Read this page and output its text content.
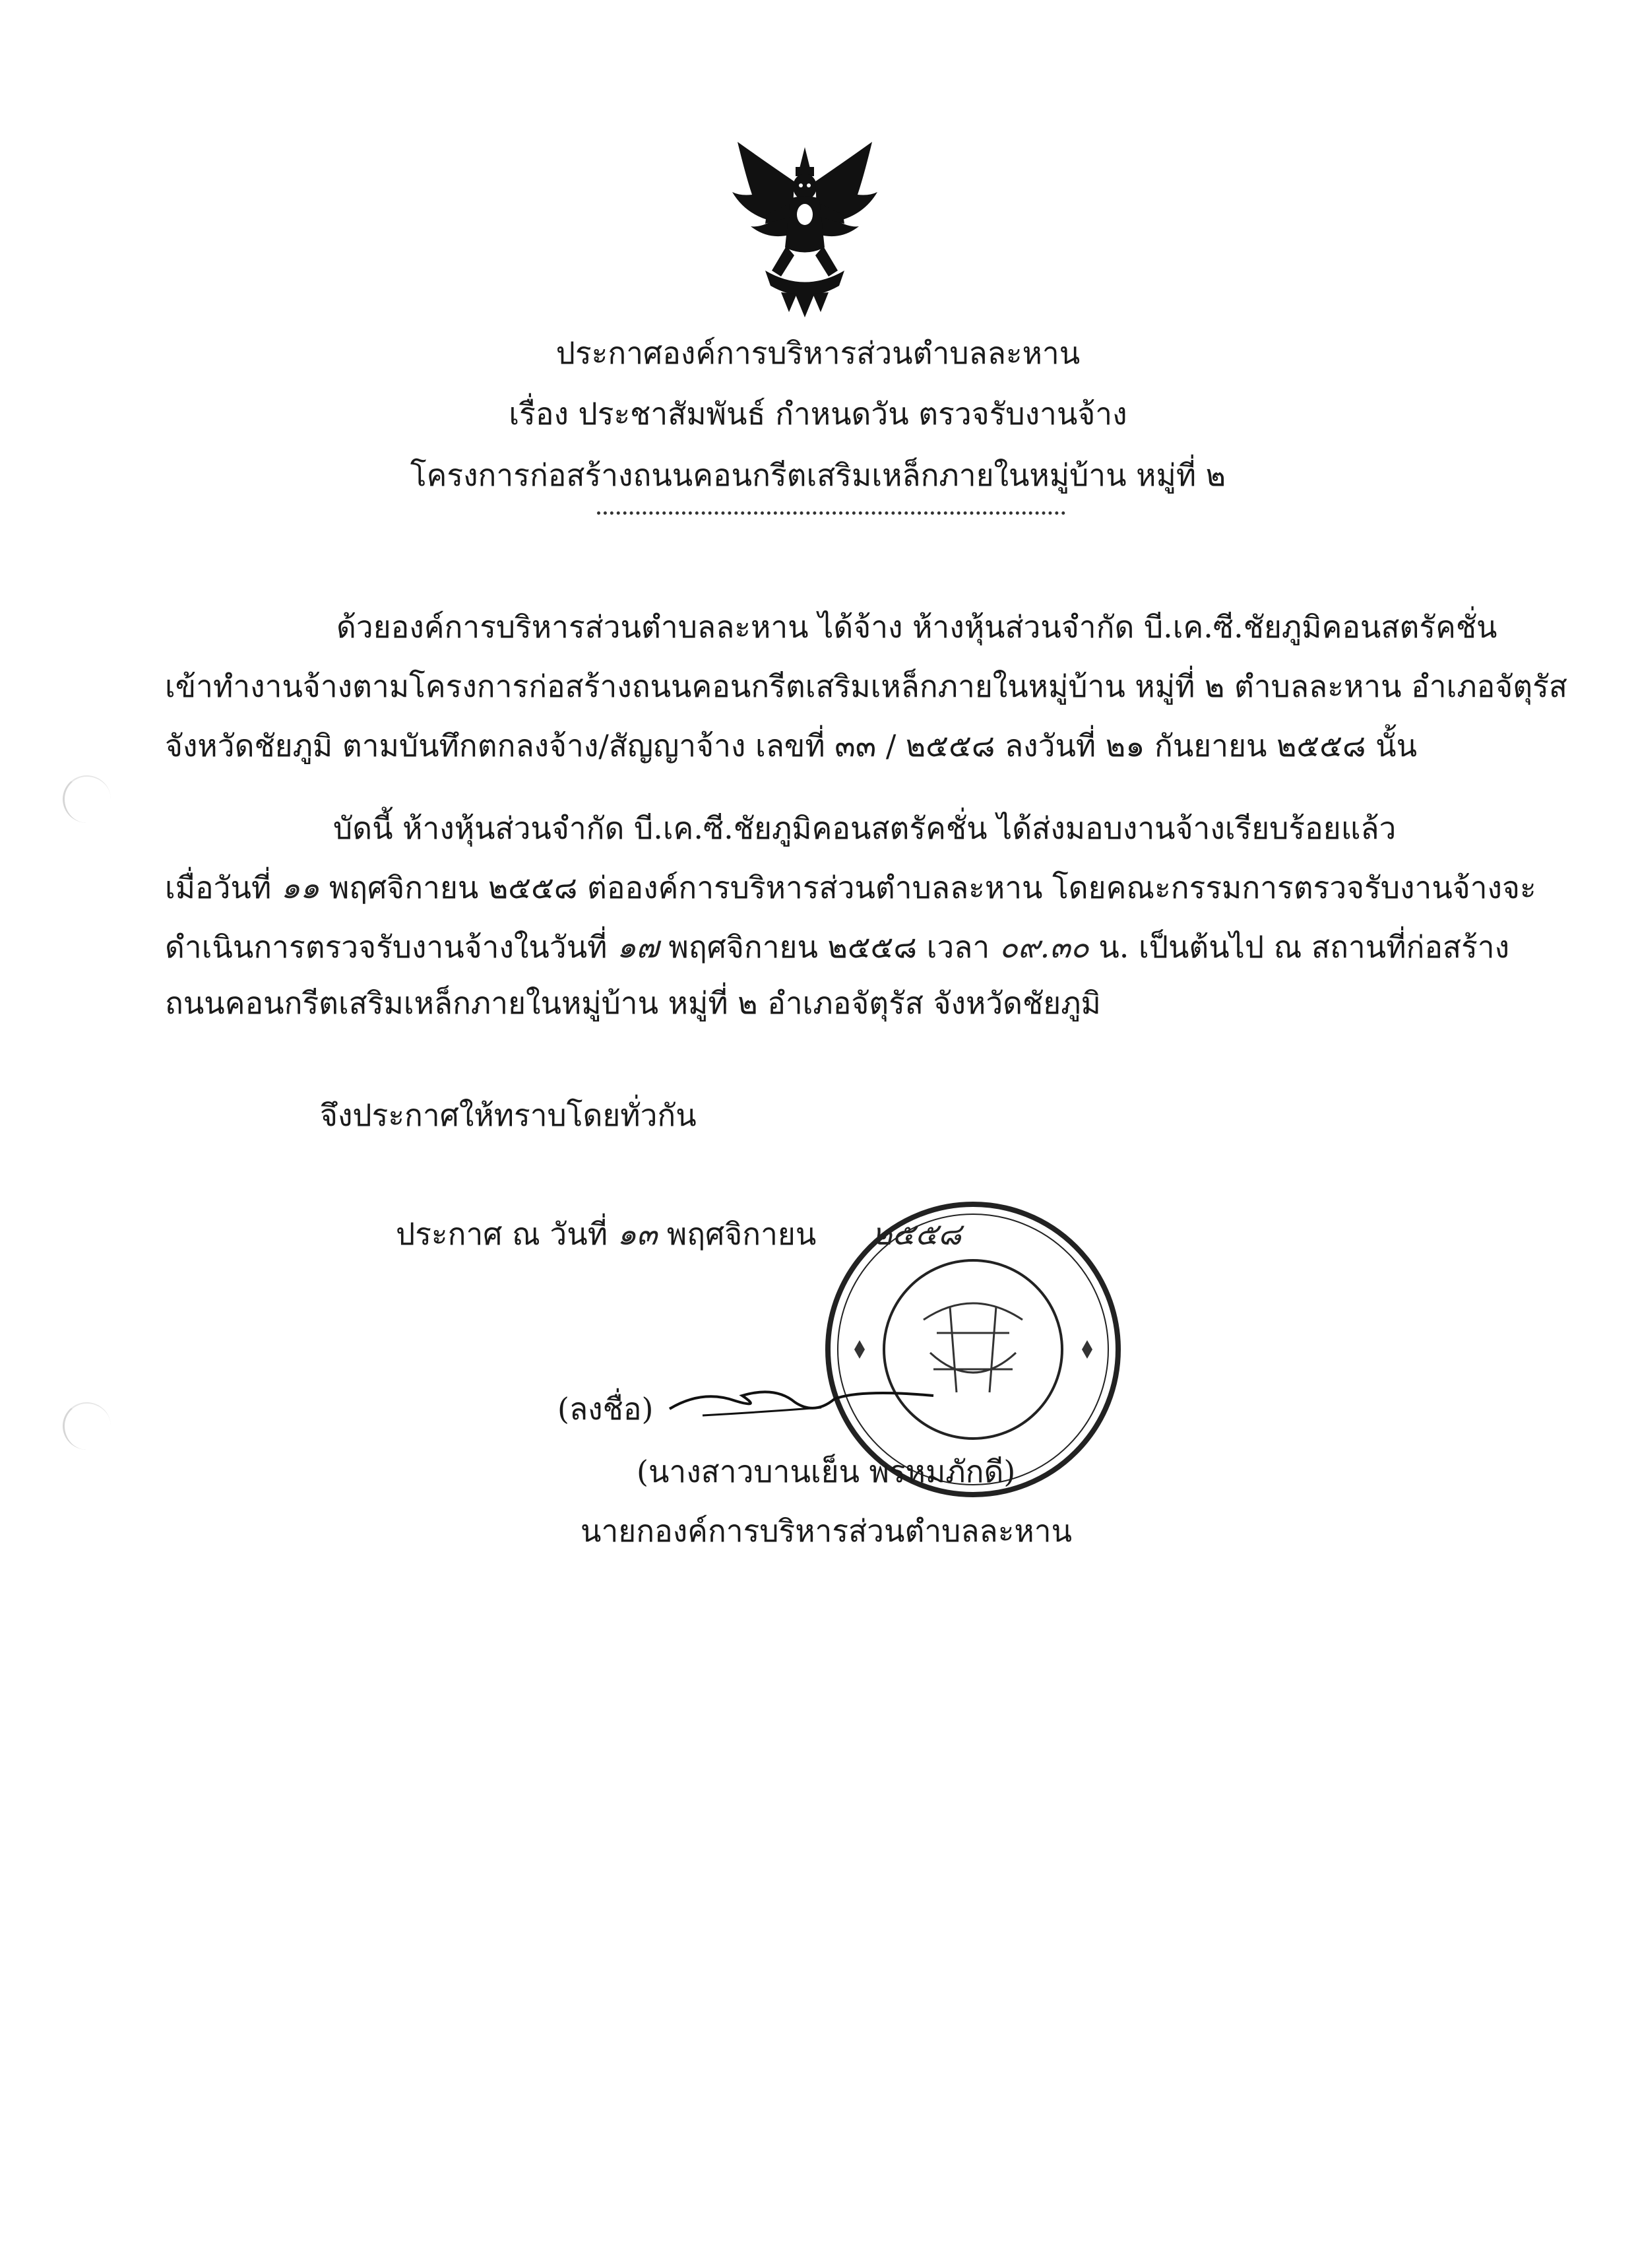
ประกาศองค์การบริหารส่วนตำบลละหาน
เรื่อง ประชาสัมพันธ์ กำหนดวัน ตรวจรับงานจ้าง
โครงการก่อสร้างถนนคอนกรีตเสริมเหล็กภายในหมู่บ้าน หมู่ที่ ๒
ด้วยองค์การบริหารส่วนตำบลละหาน ได้จ้าง ห้างหุ้นส่วนจำกัด บี.เค.ซี.ชัยภูมิคอนสตรัคชั่น
เข้าทำงานจ้างตามโครงการก่อสร้างถนนคอนกรีตเสริมเหล็กภายในหมู่บ้าน หมู่ที่ ๒ ตำบลละหาน อำเภอจัตุรัส
จังหวัดชัยภูมิ ตามบันทึกตกลงจ้าง/สัญญาจ้าง เลขที่ ๓๓ / ๒๕๕๘ ลงวันที่ ๒๑ กันยายน ๒๕๕๘ นั้น
บัดนี้ ห้างหุ้นส่วนจำกัด บี.เค.ซี.ชัยภูมิคอนสตรัคชั่น ได้ส่งมอบงานจ้างเรียบร้อยแล้ว
เมื่อวันที่ ๑๑ พฤศจิกายน ๒๕๕๘ ต่อองค์การบริหารส่วนตำบลละหาน โดยคณะกรรมการตรวจรับงานจ้างจะ
ดำเนินการตรวจรับงานจ้างในวันที่ ๑๗ พฤศจิกายน ๒๕๕๘ เวลา ๐๙.๓๐ น. เป็นต้นไป ณ สถานที่ก่อสร้าง
ถนนคอนกรีตเสริมเหล็กภายในหมู่บ้าน หมู่ที่ ๒ อำเภอจัตุรัส จังหวัดชัยภูมิ
จึงประกาศให้ทราบโดยทั่วกัน
ประกาศ ณ วันที่ ๑๓ พฤศจิกายน ๒๕๕๘
(ลงชื่อ)
(นางสาวบานเย็น พรหมภักดี)
นายกองค์การบริหารส่วนตำบลละหาน
